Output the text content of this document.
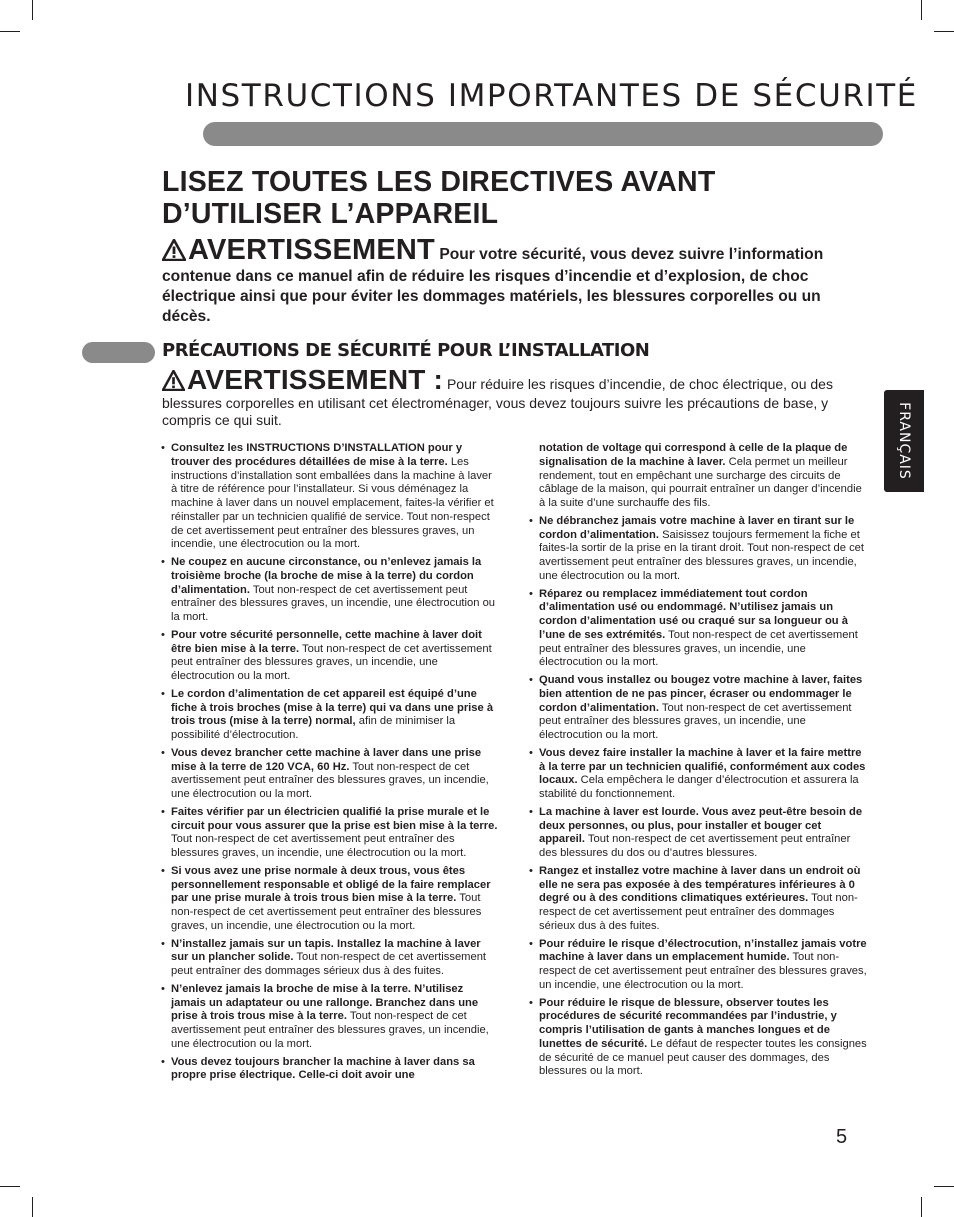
INSTRUCTIONS IMPORTANTES DE SÉCURITÉ
LISEZ TOUTES LES DIRECTIVES AVANT D’UTILISER L’APPAREIL
AVERTISSEMENT Pour votre sécurité, vous devez suivre l’information contenue dans ce manuel afin de réduire les risques d’incendie et d’explosion, de choc électrique ainsi que pour éviter les dommages matériels, les blessures corporelles ou un décès.
PRÉCAUTIONS DE SÉCURITÉ POUR L’INSTALLATION
AVERTISSEMENT : Pour réduire les risques d’incendie, de choc électrique, ou des blessures corporelles en utilisant cet électroménager, vous devez toujours suivre les précautions de base, y compris ce qui suit.	FRANÇAIS
• Consultez les INSTRUCTIONS D’INSTALLATION pour y trouver des procédures détaillées de mise à la terre. Les instructions d’installation sont emballées dans la machine à laver à titre de référence pour l’installateur. Si vous déménagez la machine à laver dans un nouvel emplacement, faites-la vérifier et réinstaller par un technicien qualifié de service. Tout non-respect de cet avertissement peut entraîner des blessures graves, un incendie, une électrocution ou la mort.
• Ne coupez en aucune circonstance, ou n’enlevez jamais la troisième broche (la broche de mise à la terre) du cordon d’alimentation. Tout non-respect de cet avertissement peut entraîner des blessures graves, un incendie, une électrocution ou la mort.
• Pour votre sécurité personnelle, cette machine à laver doit être bien mise à la terre. Tout non-respect de cet avertissement peut entraîner des blessures graves, un incendie, une électrocution ou la mort.
• Le cordon d’alimentation de cet appareil est équipé d’une fiche à trois broches (mise à la terre) qui va dans une prise à trois trous (mise à la terre) normal, afin de minimiser la possibilité d’électrocution.
• Vous devez brancher cette machine à laver dans une prise mise à la terre de 120 VCA, 60 Hz. Tout non-respect de cet avertissement peut entraîner des blessures graves, un incendie, une électrocution ou la mort.
• Faites vérifier par un électricien qualifié la prise murale et le circuit pour vous assurer que la prise est bien mise à la terre. Tout non-respect de cet avertissement peut entraîner des blessures graves, un incendie, une électrocution ou la mort.
• Si vous avez une prise normale à deux trous, vous êtes personnellement responsable et obligé de la faire remplacer par une prise murale à trois trous bien mise à la terre. Tout non-respect de cet avertissement peut entraîner des blessures graves, un incendie, une électrocution ou la mort.
• N’installez jamais sur un tapis. Installez la machine à laver sur un plancher solide. Tout non-respect de cet avertissement peut entraîner des dommages sérieux dus à des fuites.
• N’enlevez jamais la broche de mise à la terre. N’utilisez jamais un adaptateur ou une rallonge. Branchez dans une prise à trois trous mise à la terre. Tout non-respect de cet avertissement peut entraîner des blessures graves, un incendie, une électrocution ou la mort.
• Vous devez toujours brancher la machine à laver dans sa propre prise électrique. Celle-ci doit avoir une
notation de voltage qui correspond à celle de la plaque de signalisation de la machine à laver. Cela permet un meilleur rendement, tout en empêchant une surcharge des circuits de câblage de la maison, qui pourrait entraîner un danger d’incendie à la suite d’une surchauffe des fils.
• Ne débranchez jamais votre machine à laver en tirant sur le cordon d’alimentation. Saisissez toujours fermement la fiche et faites-la sortir de la prise en la tirant droit. Tout non-respect de cet avertissement peut entraîner des blessures graves, un incendie, une électrocution ou la mort.
• Réparez ou remplacez immédiatement tout cordon d’alimentation usé ou endommagé. N’utilisez jamais un cordon d’alimentation usé ou craqué sur sa longueur ou à l’une de ses extrémités. Tout non-respect de cet avertissement peut entraîner des blessures graves, un incendie, une électrocution ou la mort.
• Quand vous installez ou bougez votre machine à laver, faites bien attention de ne pas pincer, écraser ou endommager le cordon d’alimentation. Tout non-respect de cet avertissement peut entraîner des blessures graves, un incendie, une électrocution ou la mort.
• Vous devez faire installer la machine à laver et la faire mettre à la terre par un technicien qualifié, conformément aux codes locaux. Cela empêchera le danger d’électrocution et assurera la stabilité du fonctionnement.
• La machine à laver est lourde. Vous avez peut-être besoin de deux personnes, ou plus, pour installer et bouger cet appareil. Tout non-respect de cet avertissement peut entraîner des blessures du dos ou d’autres blessures.
• Rangez et installez votre machine à laver dans un endroit où elle ne sera pas exposée à des températures inférieures à 0 degré ou à des conditions climatiques extérieures. Tout non-respect de cet avertissement peut entraîner des dommages sérieux dus à des fuites.
• Pour réduire le risque d’électrocution, n’installez jamais votre machine à laver dans un emplacement humide. Tout non-respect de cet avertissement peut entraîner des blessures graves, un incendie, une électrocution ou la mort.
• Pour réduire le risque de blessure, observer toutes les procédures de sécurité recommandées par l’industrie, y compris l’utilisation de gants à manches longues et de lunettes de sécurité. Le défaut de respecter toutes les consignes de sécurité de ce manuel peut causer des dommages, des blessures ou la mort.
5
